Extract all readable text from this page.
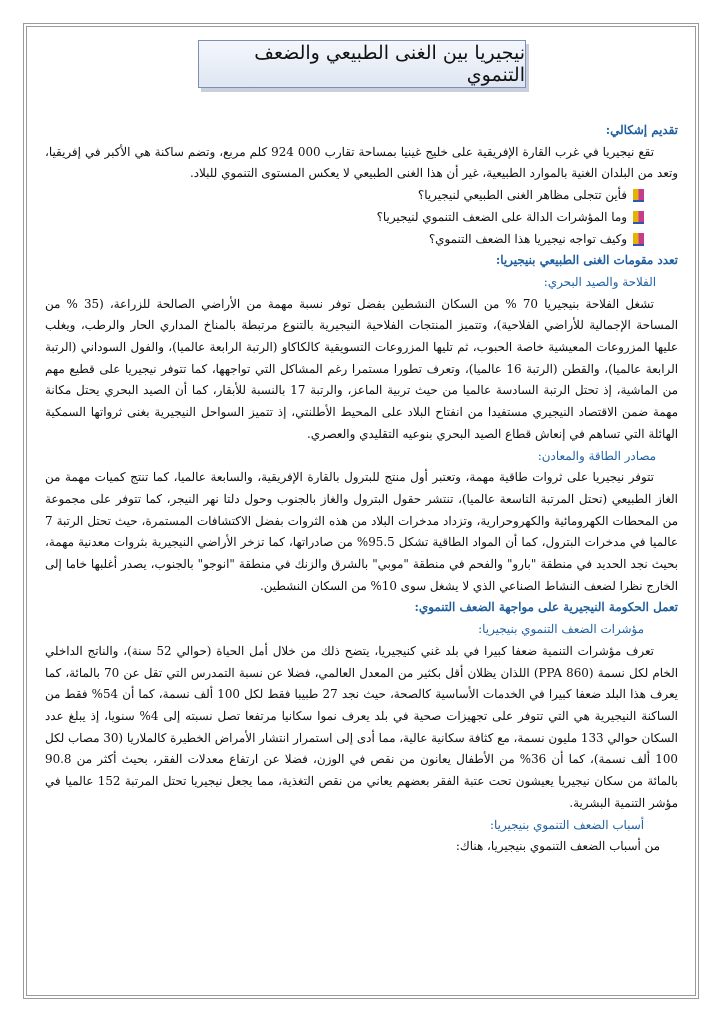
نيجيريا بين الغنى الطبيعي والضعف التنموي

تقديم إشكالي:

تقع نيجيريا في غرب القارة الإفريقية على خليج غينيا بمساحة تقارب 000 924 كلم مربع، وتضم ساكنة هي الأكبر في إفريقيا، وتعد من البلدان الغنية بالموارد الطبيعية، غير أن هذا الغنى الطبيعي لا يعكس المستوى التنموي للبلاد.

فأين تتجلى مظاهر الغنى الطبيعي لنيجيريا؟
وما المؤشرات الدالة على الضعف التنموي لنيجيريا؟
وكيف تواجه نيجيريا هذا الضعف التنموي؟

تعدد مقومات الغنى الطبيعي بنيجيريا:

الفلاحة والصيد البحري:

تشغل الفلاحة بنيجيريا 70 % من السكان النشطين بفضل توفر نسبة مهمة من الأراضي الصالحة للزراعة، (35 % من المساحة الإجمالية للأراضي الفلاحية)، وتتميز المنتجات الفلاحية النيجيرية بالتنوع مرتبطة بالمناخ المداري الحار والرطب، ويغلب عليها المزروعات المعيشية خاصة الحبوب، ثم تليها المزروعات التسويقية كالكاكاو (الرتبة الرابعة عالميا)، والفول السوداني (الرتبة الرابعة عالميا)، والقطن (الرتبة 16 عالميا)، وتعرف تطورا مستمرا رغم المشاكل التي تواجهها، كما تتوفر نيجيريا على قطيع مهم من الماشية، إذ تحتل الرتبة السادسة عالميا من حيث تربية الماعز، والرتبة 17 بالنسبة للأبقار، كما أن الصيد البحري يحتل مكانة مهمة ضمن الاقتصاد النيجيري مستفيدا من انفتاح البلاد على المحيط الأطلنتي، إذ تتميز السواحل النيجيرية بغنى ثرواتها السمكية الهائلة التي تساهم في إنعاش قطاع الصيد البحري بنوعيه التقليدي والعصري.

مصادر الطاقة والمعادن:

تتوفر نيجيريا على ثروات طاقية مهمة، وتعتبر أول منتج للبترول بالقارة الإفريقية، والسابعة عالميا، كما تنتج كميات مهمة من الغاز الطبيعي (تحتل المرتبة التاسعة عالميا)، تنتشر حقول البترول والغاز بالجنوب وحول دلتا نهر النيجر، كما تتوفر على مجموعة من المحطات الكهرومائية والكهروحرارية، وتزداد مدخرات البلاد من هذه الثروات بفضل الاكتشافات المستمرة، حيث تحتل الرتبة 7 عالميا في مدخرات البترول، كما أن المواد الطاقية تشكل 95.5% من صادراتها، كما تزخر الأراضي النيجيرية بثروات معدنية مهمة، بحيث نجد الحديد في منطقة "بارو" والفحم في منطقة "موبي" بالشرق والزنك في منطقة "انوجو" بالجنوب، يصدر أغلبها خاما إلى الخارج نظرا لضعف النشاط الصناعي الذي لا يشغل سوى 10% من السكان النشطين.

تعمل الحكومة النيجيرية على مواجهة الضعف التنموي:

مؤشرات الضعف التنموي بنيجيريا:

تعرف مؤشرات التنمية ضعفا كبيرا في بلد غني كنيجيريا، يتضح ذلك من خلال أمل الحياة (حوالي 52 سنة)، والناتج الداخلي الخام لكل نسمة (860 PPA) اللذان يظلان أقل بكثير من المعدل العالمي، فضلا عن نسبة التمدرس التي تقل عن 70 بالمائة، كما يعرف هذا البلد ضعفا كبيرا في الخدمات الأساسية كالصحة، حيث نجد 27 طبيبا فقط لكل 100 ألف نسمة، كما أن 54% فقط من الساكنة النيجيرية هي التي تتوفر على تجهيزات صحية في بلد يعرف نموا سكانيا مرتفعا تصل نسبته إلى 4% سنويا، إذ يبلغ عدد السكان حوالي 133 مليون نسمة، مع كثافة سكانية عالية، مما أدى إلى استمرار انتشار الأمراض الخطيرة كالملاريا (30 مصاب لكل 100 ألف نسمة)، كما أن 36% من الأطفال يعانون من نقص في الوزن، فضلا عن ارتفاع معدلات الفقر، بحيث أكثر من 90.8 بالمائة من سكان نيجيريا يعيشون تحت عتبة الفقر بعضهم يعاني من نقص التغذية، مما يجعل نيجيريا تحتل المرتبة 152 عالميا في مؤشر التنمية البشرية.

أسباب الضعف التنموي بنيجيريا:

من أسباب الضعف التنموي بنيجيريا، هناك:
